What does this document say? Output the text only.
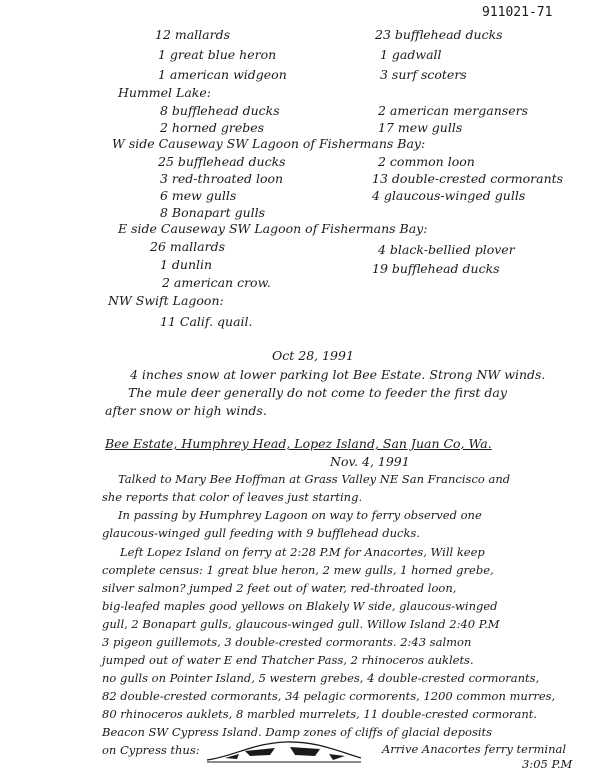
911021-71
12 mallards
1 great blue heron
1 american widgeon
23 bufflehead ducks
1 gadwall
3 surf scoters
Hummel Lake:
8 bufflehead ducks
2 horned grebes
2 american mergansers
17 mew gulls
W side Causeway SW Lagoon of Fishermans Bay:
25 bufflehead ducks
3 red-throated loon
6 mew gulls
8 Bonapart gulls
2 common loon
13 double-crested cormorants
4 glaucous-winged gulls
E side Causeway SW Lagoon of Fishermans Bay:
26 mallards
1 dunlin
2 american crow.
4 black-bellied plover
19 bufflehead ducks
NW Swift Lagoon:
11 Calif. quail.
Oct 28, 1991
4 inches snow at lower parking lot Bee Estate. Strong NW winds.
The mule deer generally do not come to feeder the first day
after snow or high winds.
Bee Estate, Humphrey Head, Lopez Island, San Juan Co, Wa.
Nov. 4, 1991
Talked to Mary Bee Hoffman at Grass Valley NE San Francisco and
she reports that color of leaves just starting.
In passing by Humphrey Lagoon on way to ferry observed one
glaucous-winged gull feeding with 9 bufflehead ducks.
Left Lopez Island on ferry at 2:28 P.M for Anacortes, Will keep
complete census: 1 great blue heron, 2 mew gulls, 1 horned grebe,
silver salmon? jumped 2 feet out of water, red-throated loon,
big-leafed maples good yellows on Blakely W side, glaucous-winged
gull, 2 Bonapart gulls, glaucous-winged gull. Willow Island 2:40 P.M
3 pigeon guillemots, 3 double-crested cormorants. 2:43 salmon
jumped out of water E end Thatcher Pass, 2 rhinoceros auklets.
no gulls on Pointer Island, 5 western grebes, 4 double-crested cormorants,
82 double-crested cormorants, 34 pelagic cormorents, 1200 common murres,
80 rhinoceros auklets, 8 marbled murrelets, 11 double-crested cormorant.
Beacon SW Cypress Island. Damp zones of cliffs of glacial deposits
on Cypress thus:	Arrive Anacortes ferry terminal
3:05 P.M
